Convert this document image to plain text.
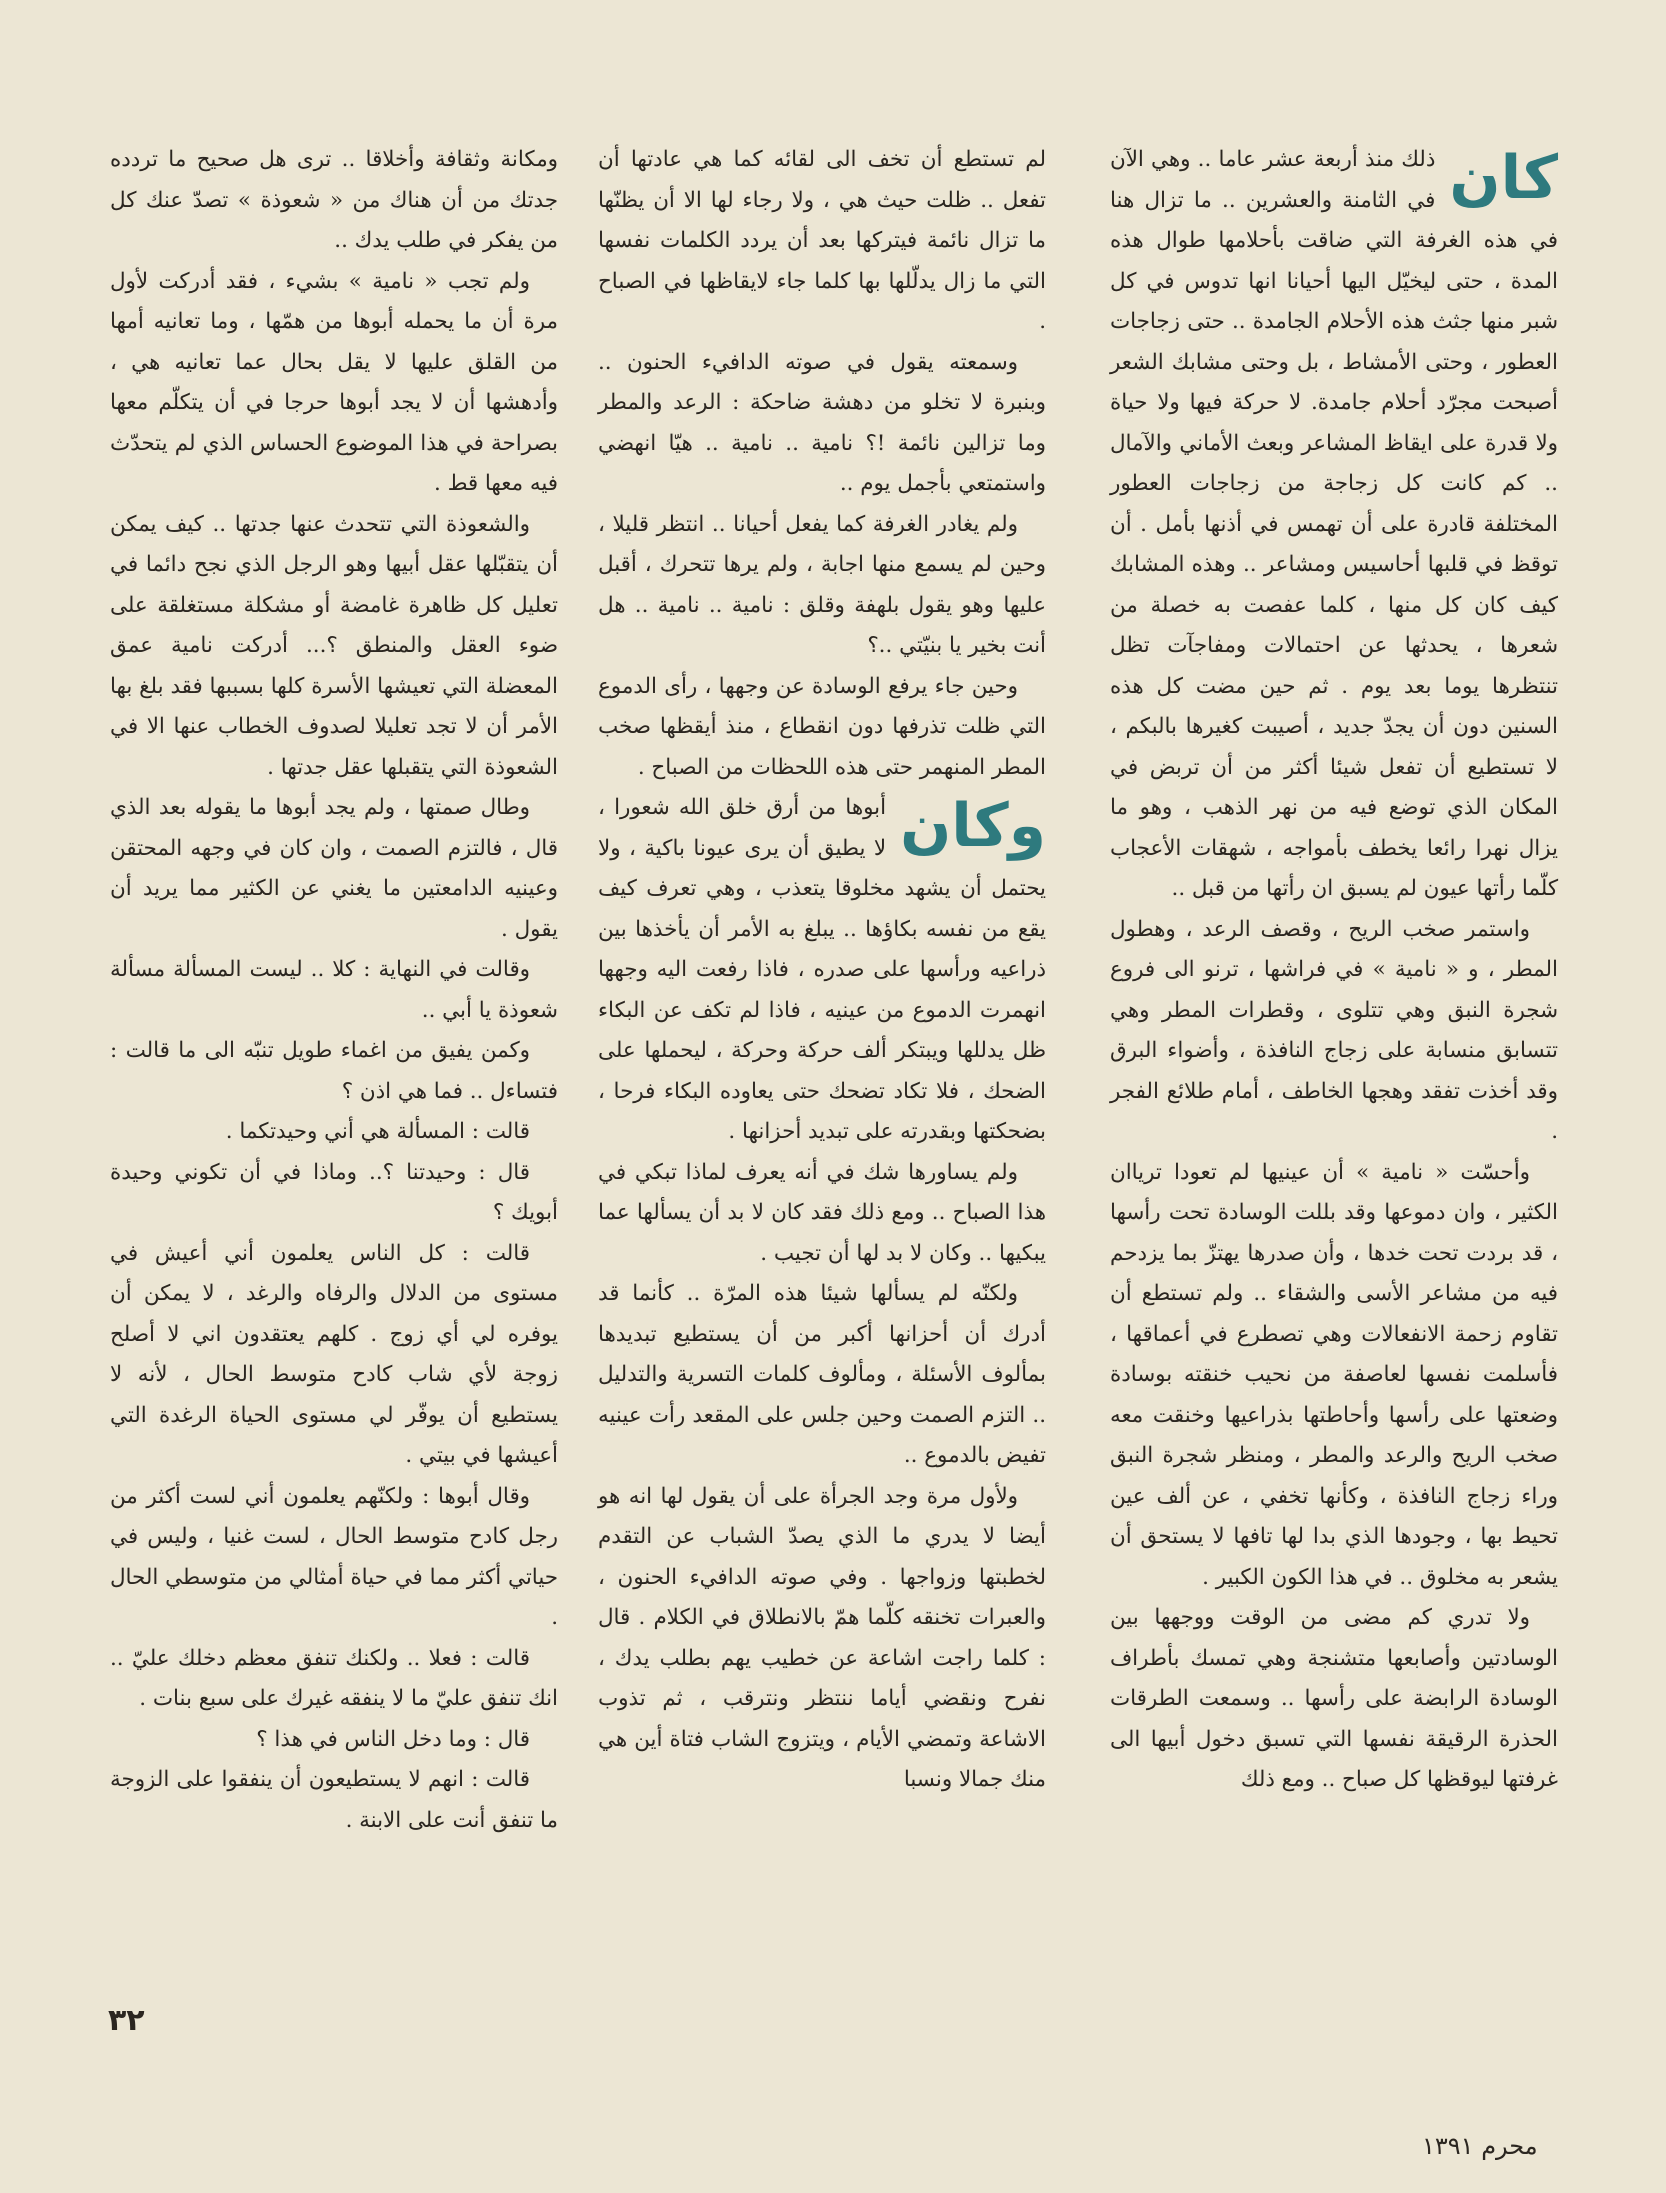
كان
ذلك منذ أربعة عشر عاما .. وهي الآن في الثامنة والعشرين .. ما تزال هنا في هذه الغرفة التي ضاقت بأحلامها طوال هذه المدة ، حتى ليخيّل اليها أحيانا انها تدوس في كل شبر منها جثث هذه الأحلام الجامدة .. حتى زجاجات العطور ، وحتى الأمشاط ، بل وحتى مشابك الشعر أصبحت مجرّد أحلام جامدة. لا حركة فيها ولا حياة ولا قدرة على ايقاظ المشاعر وبعث الأماني والآمال .. كم كانت كل زجاجة من زجاجات العطور المختلفة قادرة على أن تهمس في أذنها بأمل . أن توقظ في قلبها أحاسيس ومشاعر .. وهذه المشابك كيف كان كل منها ، كلما عفصت به خصلة من شعرها ، يحدثها عن احتمالات ومفاجآت تظل تنتظرها يوما بعد يوم . ثم حين مضت كل هذه السنين دون أن يجدّ جديد ، أصيبت كغيرها بالبكم ، لا تستطيع أن تفعل شيئا أكثر من أن تربض في المكان الذي توضع فيه من نهر الذهب ، وهو ما يزال نهرا رائعا يخطف بأمواجه ، شهقات الأعجاب كلّما رأتها عيون لم يسبق ان رأتها من قبل ..

واستمر صخب الريح ، وقصف الرعد ، وهطول المطر ، و « نامية » في فراشها ، ترنو الى فروع شجرة النبق وهي تتلوى ، وقطرات المطر وهي تتسابق منسابة على زجاج النافذة ، وأضواء البرق وقد أخذت تفقد وهجها الخاطف ، أمام طلائع الفجر .

وأحسّت « نامية » أن عينيها لم تعودا ترياان الكثير ، وان دموعها وقد بللت الوسادة تحت رأسها ، قد بردت تحت خدها ، وأن صدرها يهتزّ بما يزدحم فيه من مشاعر الأسى والشقاء .. ولم تستطع أن تقاوم زحمة الانفعالات وهي تصطرع في أعماقها ، فأسلمت نفسها لعاصفة من نحيب خنقته بوسادة وضعتها على رأسها وأحاطتها بذراعيها وخنقت معه صخب الريح والرعد والمطر ، ومنظر شجرة النبق وراء زجاج النافذة ، وكأنها تخفي ، عن ألف عين تحيط بها ، وجودها الذي بدا لها تافها لا يستحق أن يشعر به مخلوق .. في هذا الكون الكبير .

ولا تدري كم مضى من الوقت ووجهها بين الوسادتين وأصابعها متشنجة وهي تمسك بأطراف الوسادة الرابضة على رأسها .. وسمعت الطرقات الحذرة الرقيقة نفسها التي تسبق دخول أبيها الى غرفتها ليوقظها كل صباح .. ومع ذلك

لم تستطع أن تخف الى لقائه كما هي عادتها أن تفعل .. ظلت حيث هي ، ولا رجاء لها الا أن يظنّها ما تزال نائمة فيتركها بعد أن يردد الكلمات نفسها التي ما زال يدلّلها بها كلما جاء لايقاظها في الصباح .

وسمعته يقول في صوته الدافيء الحنون .. وبنبرة لا تخلو من دهشة ضاحكة : الرعد والمطر وما تزالين نائمة !؟ نامية .. نامية .. هيّا انهضي واستمتعي بأجمل يوم ..

ولم يغادر الغرفة كما يفعل أحيانا .. انتظر قليلا ، وحين لم يسمع منها اجابة ، ولم يرها تتحرك ، أقبل عليها وهو يقول بلهفة وقلق : نامية .. نامية .. هل أنت بخير يا بنيّتي ..؟

وحين جاء يرفع الوسادة عن وجهها ، رأى الدموع التي ظلت تذرفها دون انقطاع ، منذ أيقظها صخب المطر المنهمر حتى هذه اللحظات من الصباح .

وكان
أبوها من أرق خلق الله شعورا ، لا يطيق أن يرى عيونا باكية ، ولا يحتمل أن يشهد مخلوقا يتعذب ، وهي تعرف كيف يقع من نفسه بكاؤها .. يبلغ به الأمر أن يأخذها بين ذراعيه ورأسها على صدره ، فاذا رفعت اليه وجهها انهمرت الدموع من عينيه ، فاذا لم تكف عن البكاء ظل يدللها ويبتكر ألف حركة وحركة ، ليحملها على الضحك ، فلا تكاد تضحك حتى يعاوده البكاء فرحا ، بضحكتها وبقدرته على تبديد أحزانها .

ولم يساورها شك في أنه يعرف لماذا تبكي في هذا الصباح .. ومع ذلك فقد كان لا بد أن يسألها عما يبكيها .. وكان لا بد لها أن تجيب .

ولكنّه لم يسألها شيئا هذه المرّة .. كأنما قد أدرك أن أحزانها أكبر من أن يستطيع تبديدها بمألوف الأسئلة ، ومألوف كلمات التسرية والتدليل .. التزم الصمت وحين جلس على المقعد رأت عينيه تفيض بالدموع ..

ولأول مرة وجد الجرأة على أن يقول لها انه هو أيضا لا يدري ما الذي يصدّ الشباب عن التقدم لخطبتها وزواجها . وفي صوته الدافيء الحنون ، والعبرات تخنقه كلّما همّ بالانطلاق في الكلام . قال : كلما راجت اشاعة عن خطيب يهم بطلب يدك ، نفرح ونقضي أياما ننتظر ونترقب ، ثم تذوب الاشاعة وتمضي الأيام ، ويتزوج الشاب فتاة أين هي منك جمالا ونسبا

ومكانة وثقافة وأخلاقا .. ترى هل صحيح ما تردده جدتك من أن هناك من « شعوذة » تصدّ عنك كل من يفكر في طلب يدك ..

ولم تجب « نامية » بشيء ، فقد أدركت لأول مرة أن ما يحمله أبوها من همّها ، وما تعانيه أمها من القلق عليها لا يقل بحال عما تعانيه هي ، وأدهشها أن لا يجد أبوها حرجا في أن يتكلّم معها بصراحة في هذا الموضوع الحساس الذي لم يتحدّث فيه معها قط .

والشعوذة التي تتحدث عنها جدتها .. كيف يمكن أن يتقبّلها عقل أبيها وهو الرجل الذي نجح دائما في تعليل كل ظاهرة غامضة أو مشكلة مستغلقة على ضوء العقل والمنطق ؟... أدركت نامية عمق المعضلة التي تعيشها الأسرة كلها بسببها فقد بلغ بها الأمر أن لا تجد تعليلا لصدوف الخطاب عنها الا في الشعوذة التي يتقبلها عقل جدتها .

وطال صمتها ، ولم يجد أبوها ما يقوله بعد الذي قال ، فالتزم الصمت ، وان كان في وجهه المحتقن وعينيه الدامعتين ما يغني عن الكثير مما يريد أن يقول .

وقالت في النهاية : كلا .. ليست المسألة مسألة شعوذة يا أبي ..

وكمن يفيق من اغماء طويل تنبّه الى ما قالت : فتساءل .. فما هي اذن ؟

قالت : المسألة هي أني وحيدتكما .

قال : وحيدتنا ؟.. وماذا في أن تكوني وحيدة أبويك ؟

قالت : كل الناس يعلمون أني أعيش في مستوى من الدلال والرفاه والرغد ، لا يمكن أن يوفره لي أي زوج . كلهم يعتقدون اني لا أصلح زوجة لأي شاب كادح متوسط الحال ، لأنه لا يستطيع أن يوفّر لي مستوى الحياة الرغدة التي أعيشها في بيتي .

وقال أبوها : ولكنّهم يعلمون أني لست أكثر من رجل كادح متوسط الحال ، لست غنيا ، وليس في حياتي أكثر مما في حياة أمثالي من متوسطي الحال .

قالت : فعلا .. ولكنك تنفق معظم دخلك عليّ .. انك تنفق عليّ ما لا ينفقه غيرك على سبع بنات .

قال : وما دخل الناس في هذا ؟

قالت : انهم لا يستطيعون أن ينفقوا على الزوجة ما تنفق أنت على الابنة .

٣٢
محرم ١٣٩١
